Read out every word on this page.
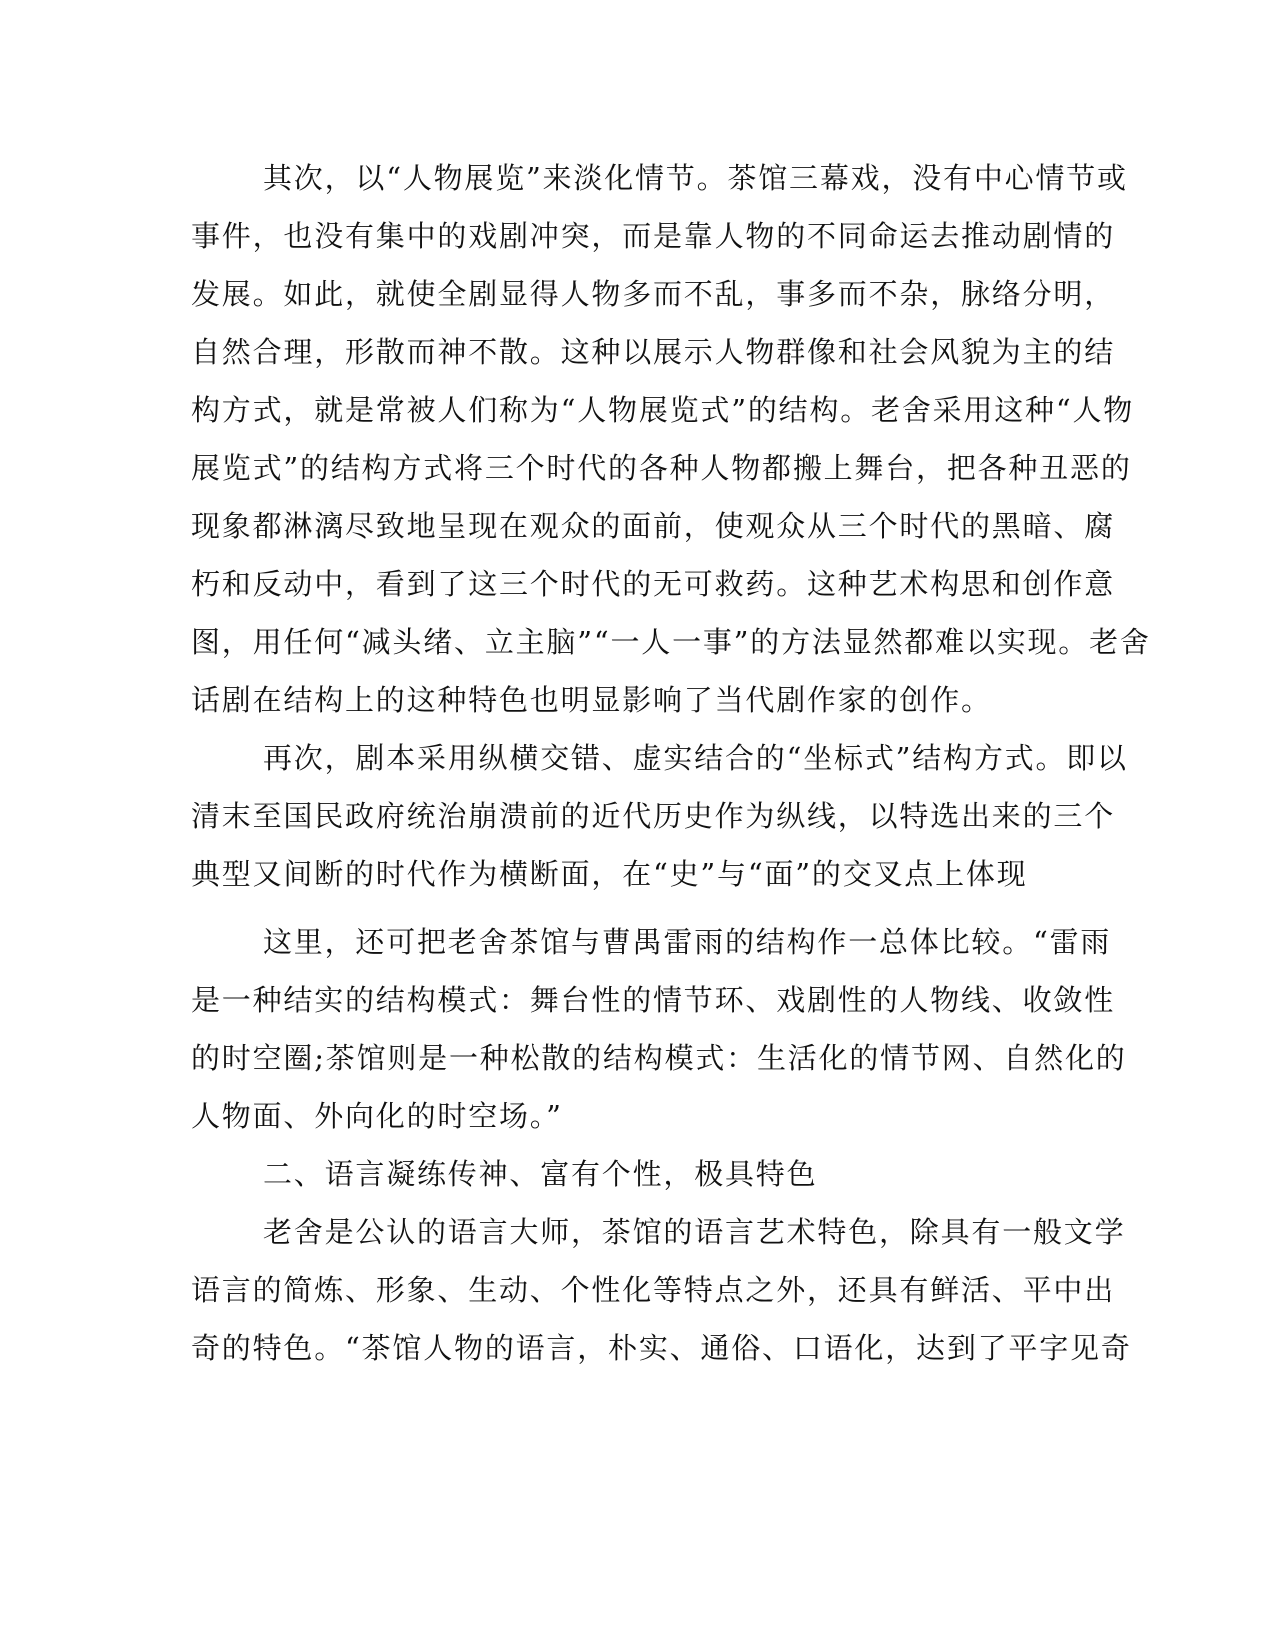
其次，以“人物展览”来淡化情节。茶馆三幕戏，没有中心情节或
事件，也没有集中的戏剧冲突，而是靠人物的不同命运去推动剧情的
发展。如此，就使全剧显得人物多而不乱，事多而不杂，脉络分明，
自然合理，形散而神不散。这种以展示人物群像和社会风貌为主的结
构方式，就是常被人们称为“人物展览式”的结构。老舍采用这种“人物
展览式”的结构方式将三个时代的各种人物都搬上舞台，把各种丑恶的
现象都淋漓尽致地呈现在观众的面前，使观众从三个时代的黑暗、腐
朽和反动中，看到了这三个时代的无可救药。这种艺术构思和创作意
图，用任何“减头绪、立主脑”“一人一事”的方法显然都难以实现。老舍
话剧在结构上的这种特色也明显影响了当代剧作家的创作。
再次，剧本采用纵横交错、虚实结合的“坐标式”结构方式。即以
清末至国民政府统治崩溃前的近代历史作为纵线，以特选出来的三个
典型又间断的时代作为横断面，在“史”与“面”的交叉点上体现
这里，还可把老舍茶馆与曹禺雷雨的结构作一总体比较。“雷雨
是一种结实的结构模式：舞台性的情节环、戏剧性的人物线、收敛性
的时空圈;茶馆则是一种松散的结构模式：生活化的情节网、自然化的
人物面、外向化的时空场。”
二、语言凝练传神、富有个性，极具特色
老舍是公认的语言大师，茶馆的语言艺术特色，除具有一般文学
语言的简炼、形象、生动、个性化等特点之外，还具有鲜活、平中出
奇的特色。“茶馆人物的语言，朴实、通俗、口语化，达到了平字见奇
